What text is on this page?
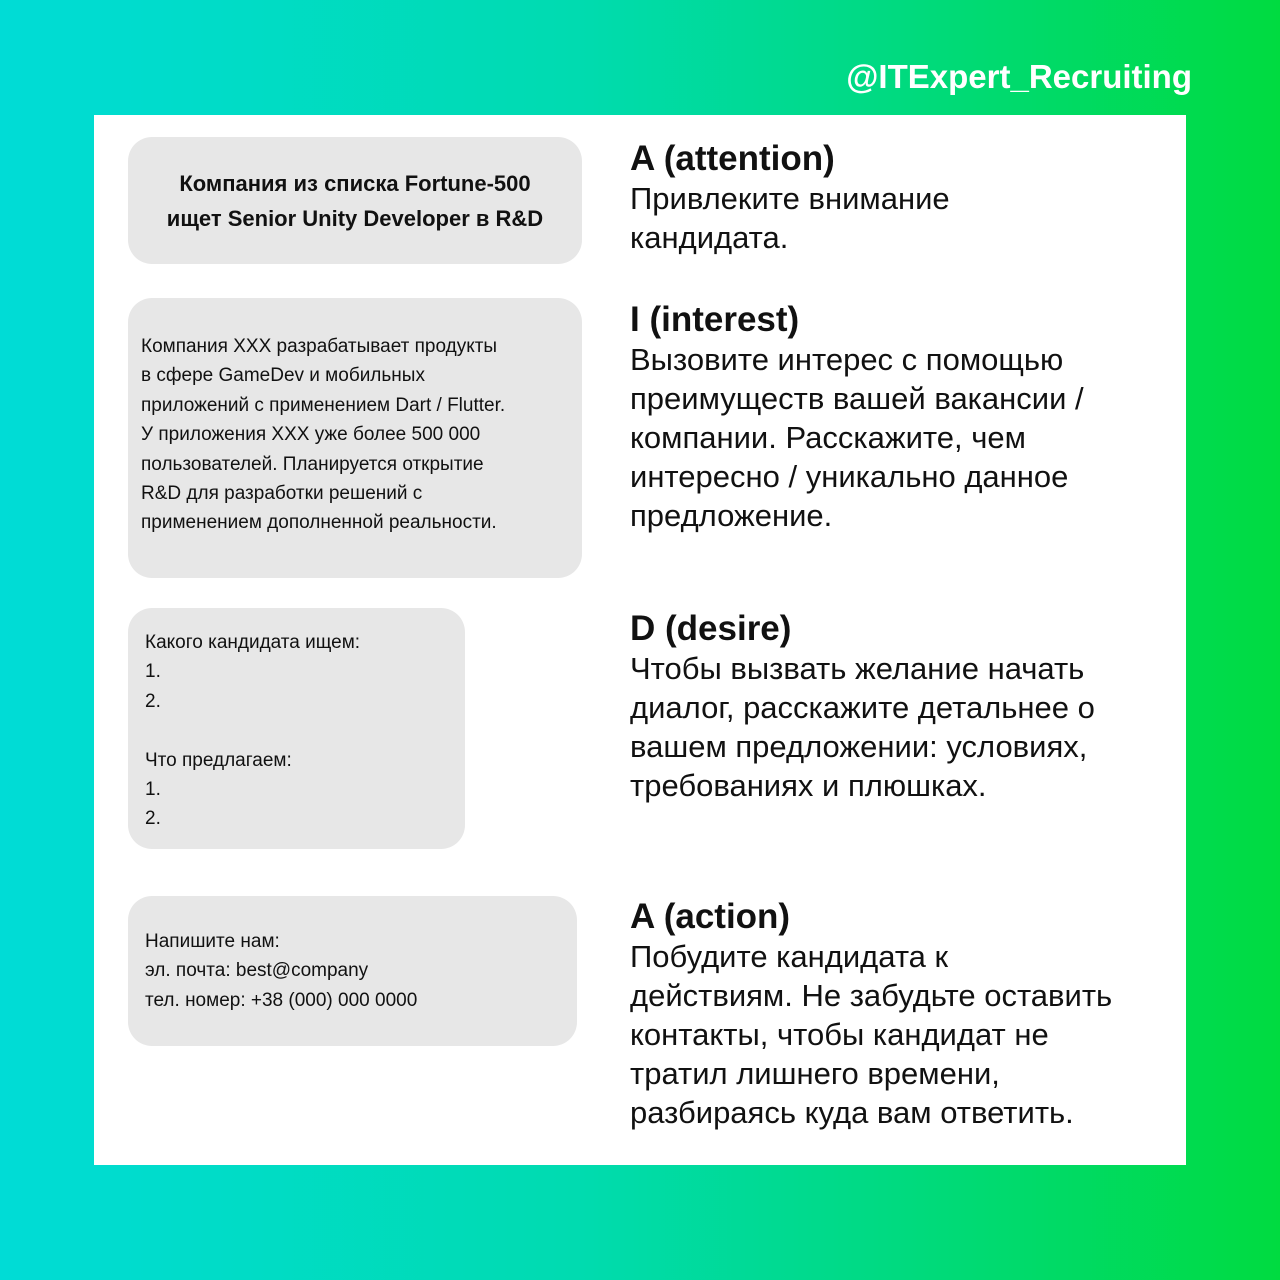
@ITExpert_Recruiting
Компания из списка Fortune-500
ищет Senior Unity Developer в R&D
Компания XXX разрабатывает продукты
в сфере GameDev и мобильных
приложений с применением Dart / Flutter.
У приложения XXX уже более 500 000
пользователей. Планируется открытие
R&D для разработки решений с
применением дополненной реальности.
Какого кандидата ищем:
1.
2.
Что предлагаем:
1.
2.
Напишите нам:
эл. почта: best@company
тел. номер: +38 (000) 000 0000
A (attention)

Привлеките внимание
кандидата.

I (interest)

Вызовите интерес с помощью
преимуществ вашей вакансии /
компании. Расскажите, чем
интересно / уникально данное
предложение.

D (desire)

Чтобы вызвать желание начать
диалог, расскажите детальнее о
вашем предложении: условиях,
требованиях и плюшках.

A (action)

Побудите кандидата к
действиям. Не забудьте оставить
контакты, чтобы кандидат не
тратил лишнего времени,
разбираясь куда вам ответить.
